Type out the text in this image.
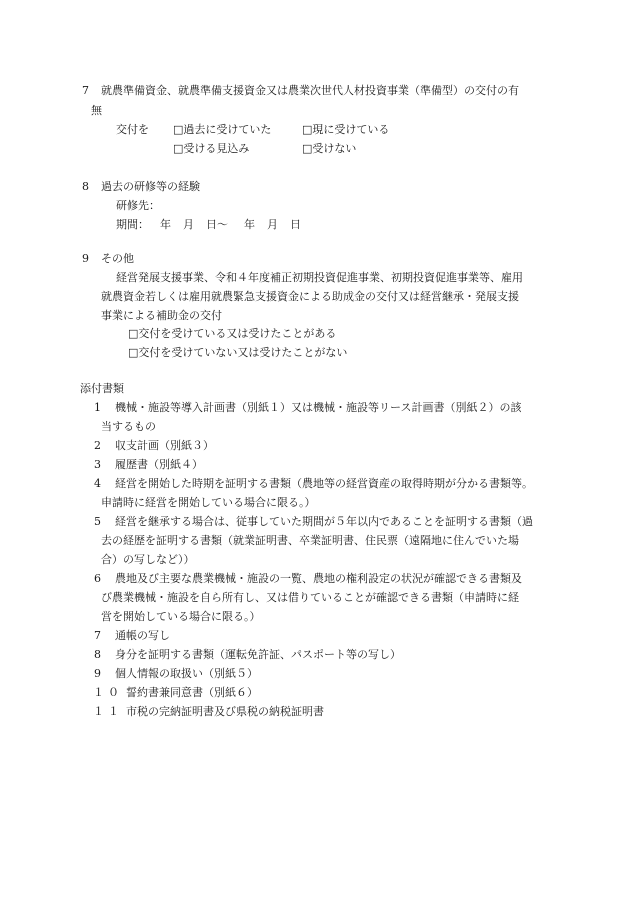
7 就農準備資金、就農準備支援資金又は農業次世代人材投資事業（準備型）の交付の有
無
交付を □過去に受けていた	□現に受けている
□受ける見込み	□受けない
8 過去の研修等の経験
研修先：
期間： 年 月 日〜 年 月 日
9 その他
経営発展支援事業、令和４年度補正初期投資促進事業、初期投資促進事業等、雇用
就農資金若しくは雇用就農緊急支援資金による助成金の交付又は経営継承・発展支援
事業による補助金の交付
□交付を受けている又は受けたことがある
□交付を受けていない又は受けたことがない
添付書類
1 機械・施設等導入計画書（別紙１）又は機械・施設等リース計画書（別紙２）の該
当するもの
2 収支計画（別紙３）
3 履歴書（別紙４）
4 経営を開始した時期を証明する書類（農地等の経営資産の取得時期が分かる書類等。
申請時に経営を開始している場合に限る。）
5 経営を継承する場合は、従事していた期間が５年以内であることを証明する書類（過
去の経歴を証明する書類（就業証明書、卒業証明書、住民票（遠隔地に住んでいた場
合）の写しなど））
6 農地及び主要な農業機械・施設の一覧、農地の権利設定の状況が確認できる書類及
び農業機械・施設を自ら所有し、又は借りていることが確認できる書類（申請時に経
営を開始している場合に限る。）
7 通帳の写し
8 身分を証明する書類（運転免許証、パスポート等の写し）
9 個人情報の取扱い（別紙５）
１０ 誓約書兼同意書（別紙６）
１１ 市税の完納証明書及び県税の納税証明書
